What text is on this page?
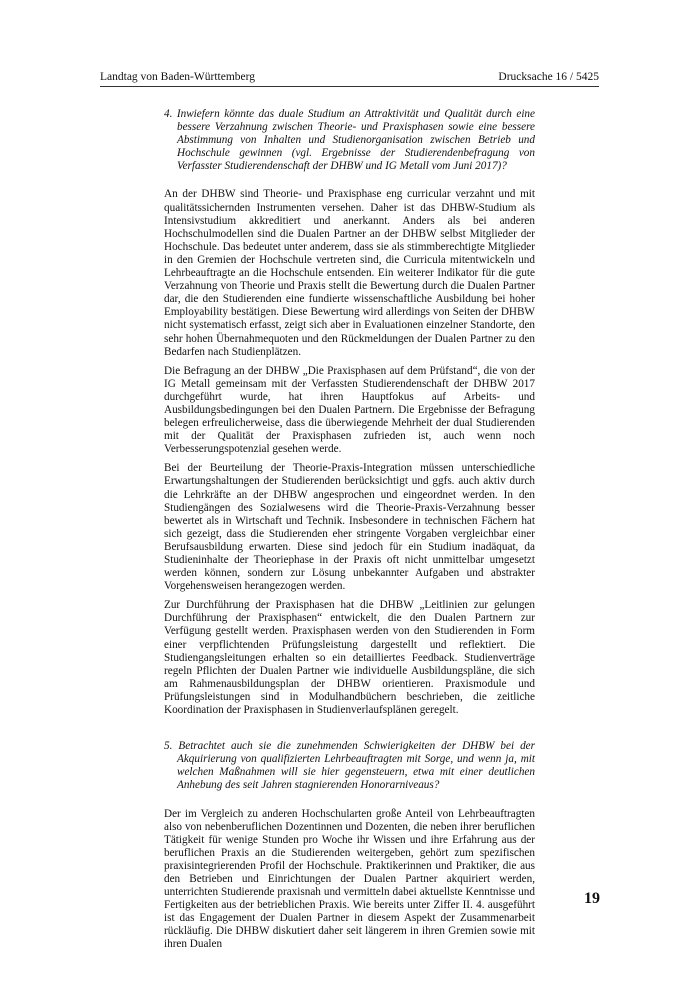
Landtag von Baden-Württemberg	Drucksache 16 / 5425

4. Inwiefern könnte das duale Studium an Attraktivität und Qualität durch eine bessere Verzahnung zwischen Theorie- und Praxisphasen sowie eine bessere Abstimmung von Inhalten und Studienorganisation zwischen Betrieb und Hochschule gewinnen (vgl. Ergebnisse der Studierendenbefragung von Verfasster Studierendenschaft der DHBW und IG Metall vom Juni 2017)?

An der DHBW sind Theorie- und Praxisphase eng curricular verzahnt und mit qualitätssichernden Instrumenten versehen. Daher ist das DHBW-Studium als Intensivstudium akkreditiert und anerkannt. Anders als bei anderen Hochschulmodellen sind die Dualen Partner an der DHBW selbst Mitglieder der Hochschule. Das bedeutet unter anderem, dass sie als stimmberechtigte Mitglieder in den Gremien der Hochschule vertreten sind, die Curricula mitentwickeln und Lehrbeauftragte an die Hochschule entsenden. Ein weiterer Indikator für die gute Verzahnung von Theorie und Praxis stellt die Bewertung durch die Dualen Partner dar, die den Studierenden eine fundierte wissenschaftliche Ausbildung bei hoher Employability bestätigen. Diese Bewertung wird allerdings von Seiten der DHBW nicht systematisch erfasst, zeigt sich aber in Evaluationen einzelner Standorte, den sehr hohen Übernahmequoten und den Rückmeldungen der Dualen Partner zu den Bedarfen nach Studienplätzen.

Die Befragung an der DHBW „Die Praxisphasen auf dem Prüfstand“, die von der IG Metall gemeinsam mit der Verfassten Studierendenschaft der DHBW 2017 durchgeführt wurde, hat ihren Hauptfokus auf Arbeits- und Ausbildungsbedingungen bei den Dualen Partnern. Die Ergebnisse der Befragung belegen erfreulicherweise, dass die überwiegende Mehrheit der dual Studierenden mit der Qualität der Praxisphasen zufrieden ist, auch wenn noch Verbesserungspotenzial gesehen werde.

Bei der Beurteilung der Theorie-Praxis-Integration müssen unterschiedliche Erwartungshaltungen der Studierenden berücksichtigt und ggfs. auch aktiv durch die Lehrkräfte an der DHBW angesprochen und eingeordnet werden. In den Studiengängen des Sozialwesens wird die Theorie-Praxis-Verzahnung besser bewertet als in Wirtschaft und Technik. Insbesondere in technischen Fächern hat sich gezeigt, dass die Studierenden eher stringente Vorgaben vergleichbar einer Berufsausbildung erwarten. Diese sind jedoch für ein Studium inadäquat, da Studieninhalte der Theoriephase in der Praxis oft nicht unmittelbar umgesetzt werden können, sondern zur Lösung unbekannter Aufgaben und abstrakter Vorgehensweisen herangezogen werden.

Zur Durchführung der Praxisphasen hat die DHBW „Leitlinien zur gelungen Durchführung der Praxisphasen“ entwickelt, die den Dualen Partnern zur Verfügung gestellt werden. Praxisphasen werden von den Studierenden in Form einer verpflichtenden Prüfungsleistung dargestellt und reflektiert. Die Studiengangsleitungen erhalten so ein detailliertes Feedback. Studienverträge regeln Pflichten der Dualen Partner wie individuelle Ausbildungspläne, die sich am Rahmenausbildungsplan der DHBW orientieren. Praxismodule und Prüfungsleistungen sind in Modulhandbüchern beschrieben, die zeitliche Koordination der Praxisphasen in Studienverlaufsplänen geregelt.

5. Betrachtet auch sie die zunehmenden Schwierigkeiten der DHBW bei der Akquirierung von qualifizierten Lehrbeauftragten mit Sorge, und wenn ja, mit welchen Maßnahmen will sie hier gegensteuern, etwa mit einer deutlichen Anhebung des seit Jahren stagnierenden Honorarniveaus?

Der im Vergleich zu anderen Hochschularten große Anteil von Lehrbeauftragten also von nebenberuflichen Dozentinnen und Dozenten, die neben ihrer beruflichen Tätigkeit für wenige Stunden pro Woche ihr Wissen und ihre Erfahrung aus der beruflichen Praxis an die Studierenden weitergeben, gehört zum spezifischen praxisintegrierenden Profil der Hochschule. Praktikerinnen und Praktiker, die aus den Betrieben und Einrichtungen der Dualen Partner akquiriert werden, unterrichten Studierende praxisnah und vermitteln dabei aktuellste Kenntnisse und Fertigkeiten aus der betrieblichen Praxis. Wie bereits unter Ziffer II. 4. ausgeführt ist das Engagement der Dualen Partner in diesem Aspekt der Zusammenarbeit rückläufig. Die DHBW diskutiert daher seit längerem in ihren Gremien sowie mit ihren Dualen

19
